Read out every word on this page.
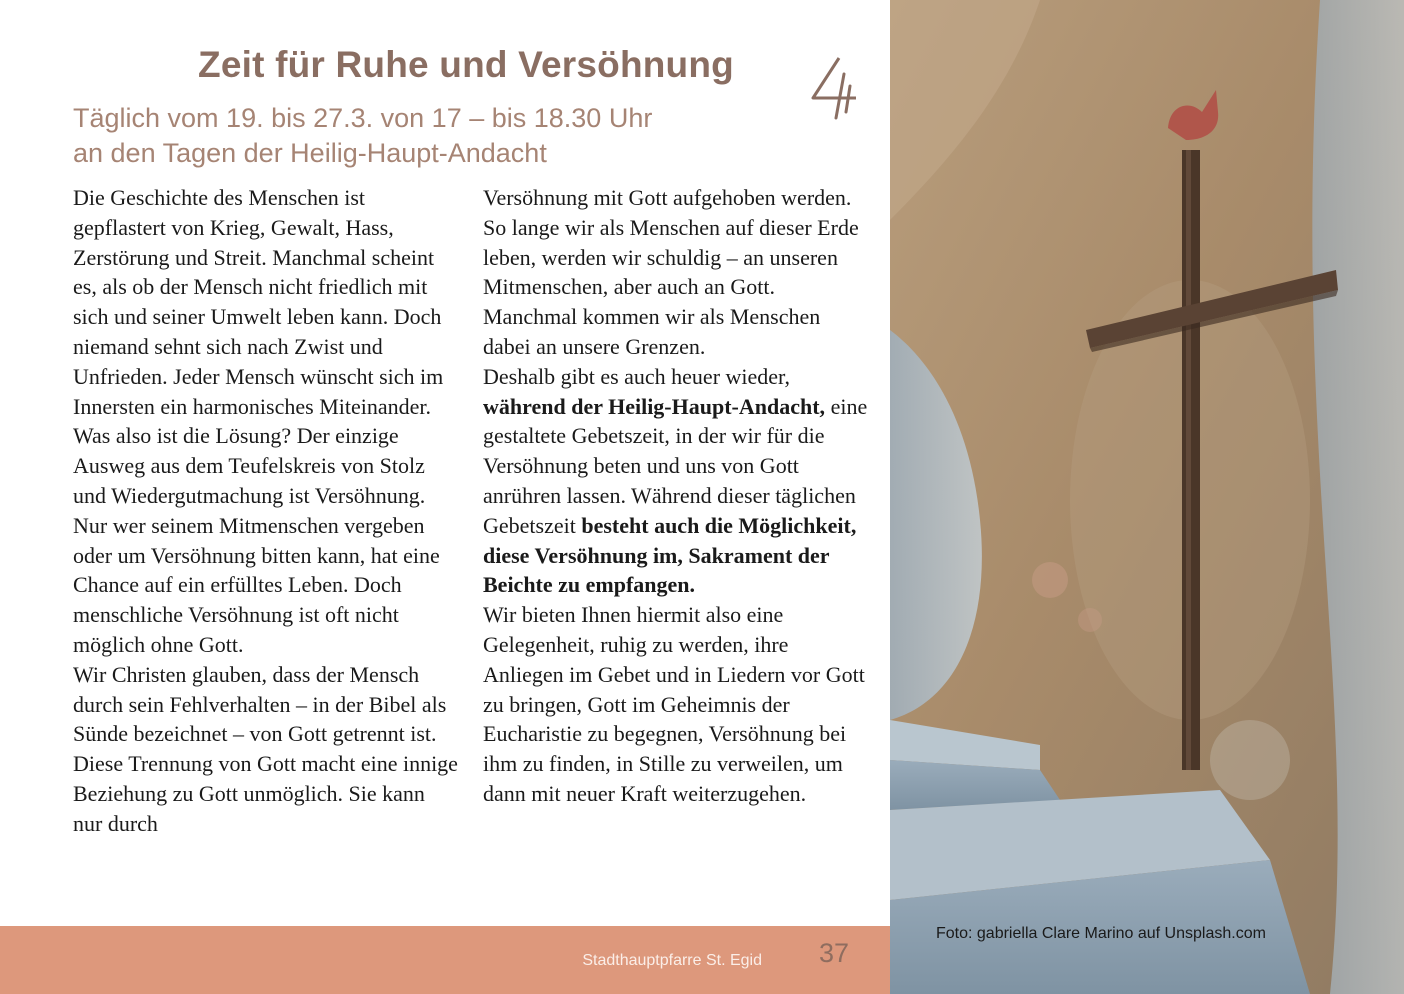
Zeit für Ruhe und Versöhnung

Täglich vom 19. bis 27.3. von 17 – bis 18.30 Uhr
an den Tagen der Heilig-Haupt-Andacht

Die Geschichte des Menschen ist gepflastert von Krieg, Gewalt, Hass, Zerstörung und Streit. Manchmal scheint es, als ob der Mensch nicht friedlich mit sich und seiner Umwelt leben kann. Doch niemand sehnt sich nach Zwist und Unfrieden. Jeder Mensch wünscht sich im Innersten ein harmonisches Miteinander.

Was also ist die Lösung? Der einzige Ausweg aus dem Teufelskreis von Stolz und Wiedergutmachung ist Versöhnung. Nur wer seinem Mitmenschen vergeben oder um Versöhnung bitten kann, hat eine Chance auf ein erfülltes Leben. Doch menschliche Versöhnung ist oft nicht möglich ohne Gott.

Wir Christen glauben, dass der Mensch durch sein Fehlverhalten – in der Bibel als Sünde bezeichnet – von Gott getrennt ist. Diese Trennung von Gott macht eine innige Beziehung zu Gott unmöglich. Sie kann nur durch

Versöhnung mit Gott aufgehoben werden. So lange wir als Menschen auf dieser Erde leben, werden wir schuldig – an unseren Mitmenschen, aber auch an Gott. Manchmal kommen wir als Menschen dabei an unsere Grenzen.

Deshalb gibt es auch heuer wieder, während der Heilig-Haupt-Andacht, eine gestaltete Gebetszeit, in der wir für die Versöhnung beten und uns von Gott anrühren lassen. Während dieser täglichen Gebetszeit besteht auch die Möglichkeit, diese Versöhnung im, Sakrament der Beichte zu empfangen.

Wir bieten Ihnen hiermit also eine Gelegenheit, ruhig zu werden, ihre Anliegen im Gebet und in Liedern vor Gott zu bringen, Gott im Geheimnis der Eucharistie zu begegnen, Versöhnung bei ihm zu finden, in Stille zu verweilen, um dann mit neuer Kraft weiterzugehen.

Stadthauptpfarre St. Egid 37
Foto: gabriella Clare Marino auf Unsplash.com
